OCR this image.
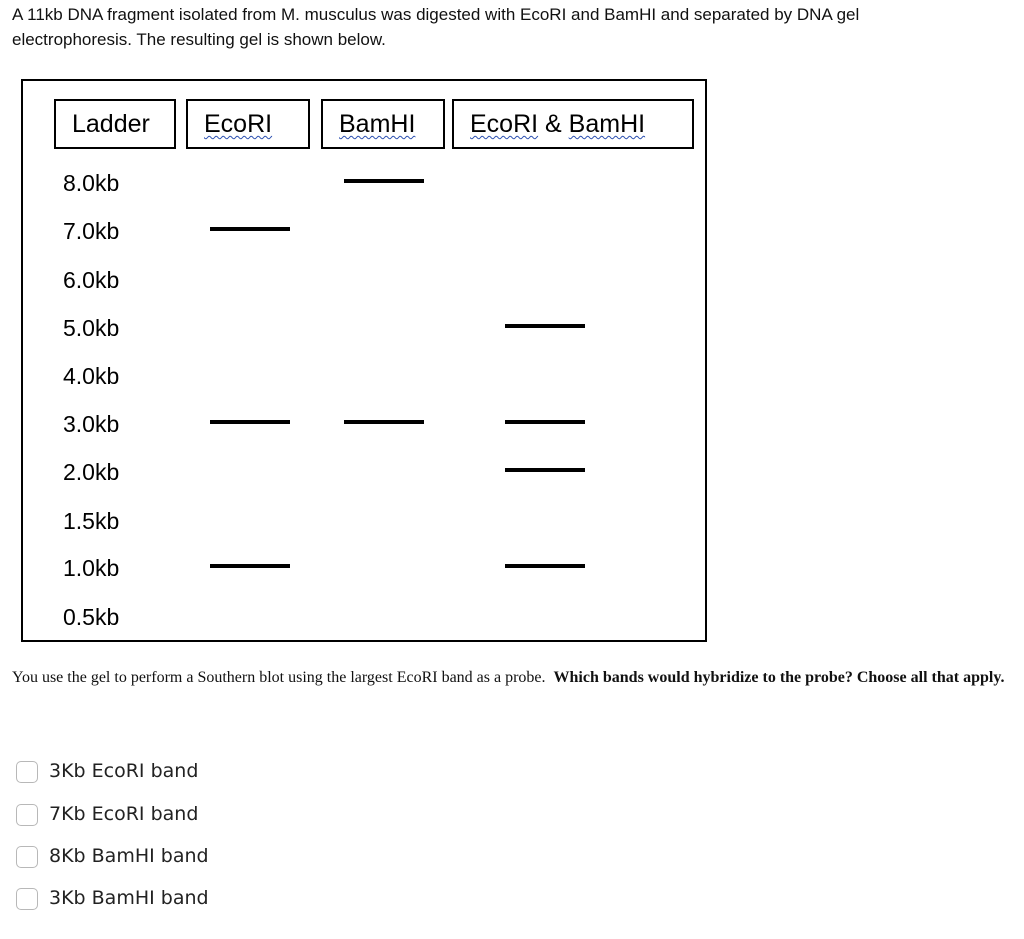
A 11kb DNA fragment isolated from M. musculus was digested with EcoRI and BamHI and separated by DNA gel
electrophoresis. The resulting gel is shown below.
Ladder	EcoRI	BamHI	EcoRI & BamHI
8.0kb
7.0kb
6.0kb
5.0kb
4.0kb
3.0kb
2.0kb
1.5kb
1.0kb
0.5kb
You use the gel to perform a Southern blot using the largest EcoRI band as a probe.  Which bands would hybridize to the probe? Choose all that apply.
3Kb EcoRI band
7Kb EcoRI band
8Kb BamHI band
3Kb BamHI band
